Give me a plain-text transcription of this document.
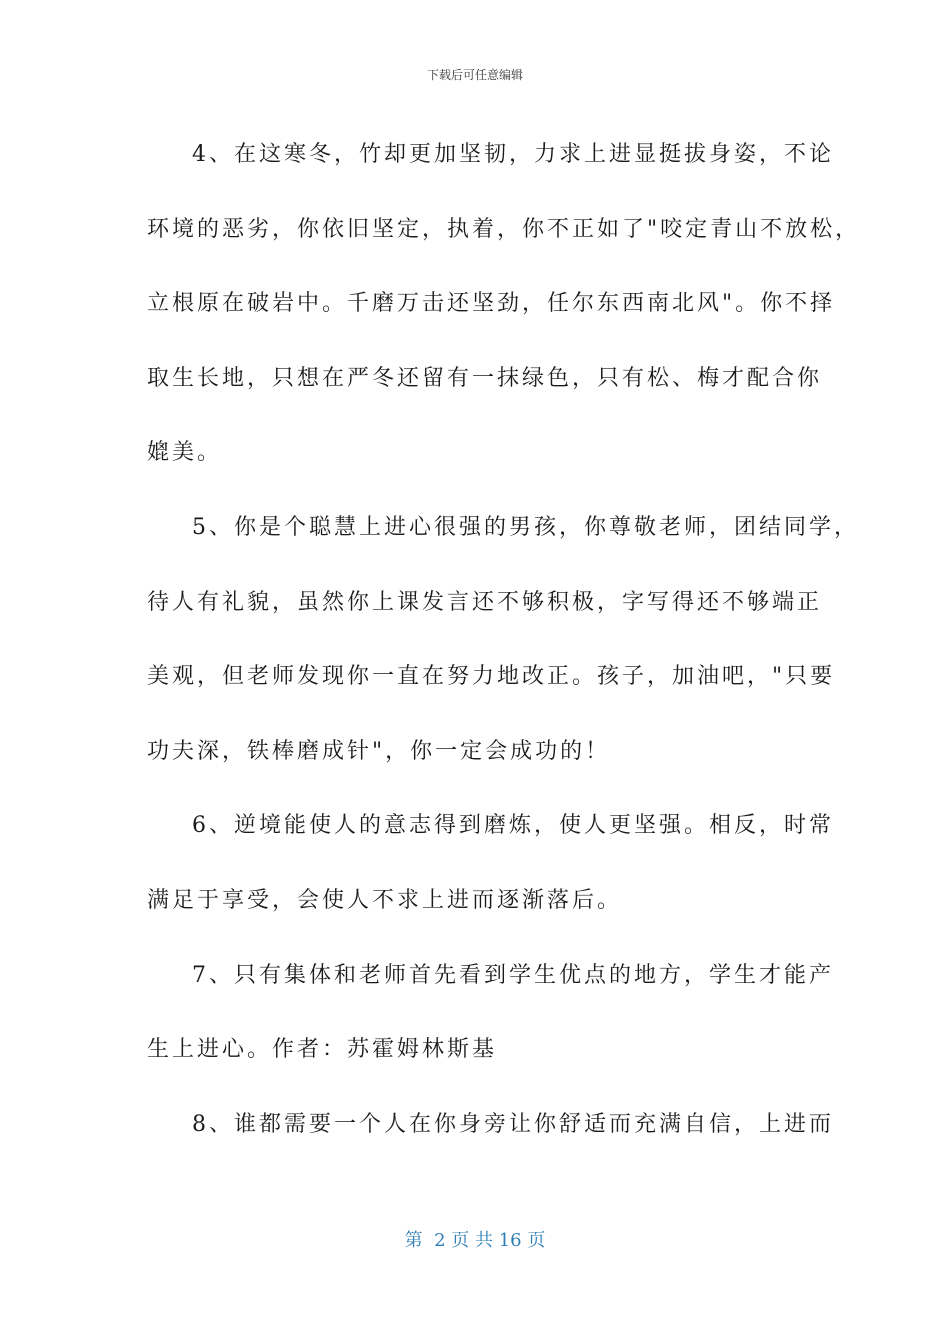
下载后可任意编辑
4、在这寒冬，竹却更加坚韧，力求上进显挺拔身姿，不论
环境的恶劣，你依旧坚定，执着，你不正如了"咬定青山不放松，
立根原在破岩中。千磨万击还坚劲，任尔东西南北风"。你不择
取生长地，只想在严冬还留有一抹绿色，只有松、梅才配合你
媲美。
5、你是个聪慧上进心很强的男孩，你尊敬老师，团结同学，
待人有礼貌，虽然你上课发言还不够积极，字写得还不够端正
美观，但老师发现你一直在努力地改正。孩子，加油吧，"只要
功夫深，铁棒磨成针"，你一定会成功的！
6、逆境能使人的意志得到磨炼，使人更坚强。相反，时常
满足于享受，会使人不求上进而逐渐落后。
7、只有集体和老师首先看到学生优点的地方，学生才能产
生上进心。作者：苏霍姆林斯基
8、谁都需要一个人在你身旁让你舒适而充满自信，上进而
第  2 页 共 16 页
